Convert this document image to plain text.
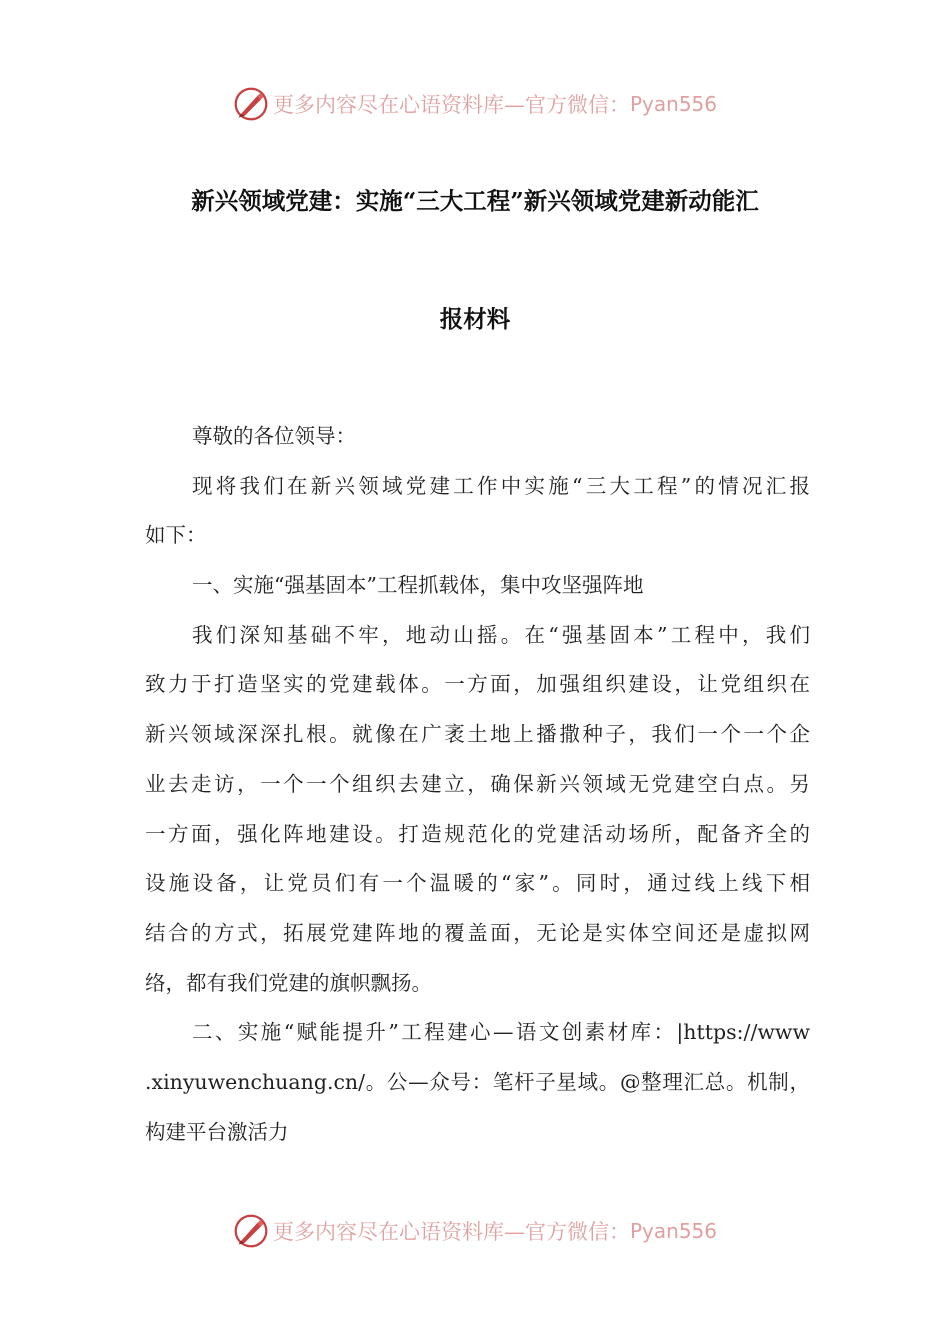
更多内容尽在心语资料库—官方微信： Pyan556
新兴领域党建：实施“三大工程”新兴领域党建新动能汇
报材料
尊敬的各位领导：
现将我们在新兴领域党建工作中实施“三大工程”的情况汇报
如下：
一、实施“强基固本”工程抓载体，集中攻坚强阵地
我们深知基础不牢，地动山摇。在“强基固本”工程中，我们
致力于打造坚实的党建载体。一方面，加强组织建设，让党组织在
新兴领域深深扎根。就像在广袤土地上播撒种子，我们一个一个企
业去走访，一个一个组织去建立，确保新兴领域无党建空白点。另
一方面，强化阵地建设。打造规范化的党建活动场所，配备齐全的
设施设备，让党员们有一个温暖的“家”。同时，通过线上线下相
结合的方式，拓展党建阵地的覆盖面，无论是实体空间还是虚拟网
络，都有我们党建的旗帜飘扬。
二、实施“赋能提升”工程建心—语文创素材库：|https://www
.xinyuwenchuang.cn/。公—众号：笔杆子星域。@整理汇总。机制，
构建平台激活力
更多内容尽在心语资料库—官方微信： Pyan556
